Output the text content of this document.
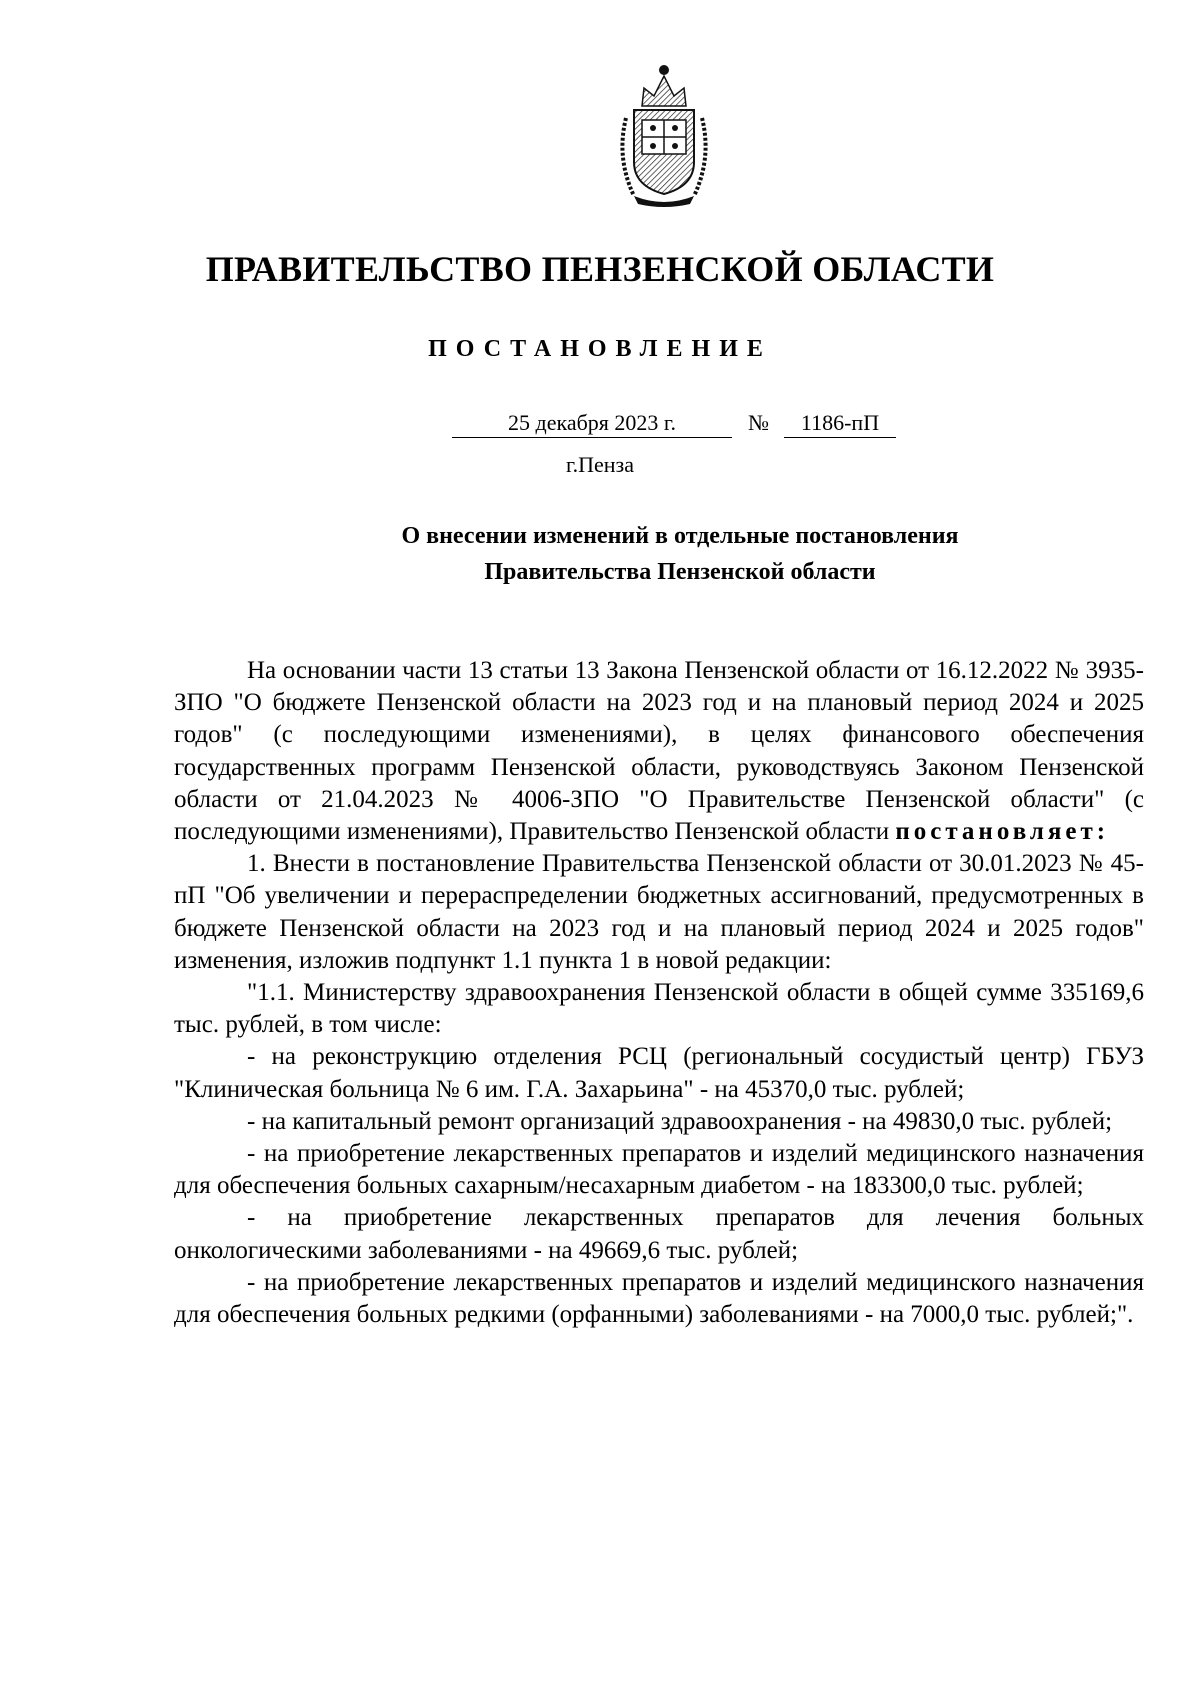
ПРАВИТЕЛЬСТВО ПЕНЗЕНСКОЙ ОБЛАСТИ
ПОСТАНОВЛЕНИЕ
25 декабря 2023 г.	№	1186-пП
г.Пенза
О внесении изменений в отдельные постановления
Правительства Пензенской области

На основании части 13 статьи 13 Закона Пензенской области от 16.12.2022 № 3935-ЗПО "О бюджете Пензенской области на 2023 год и на плановый период 2024 и 2025 годов" (с последующими изменениями), в целях финансового обеспечения государственных программ Пензенской области, руководствуясь Законом Пензенской области от 21.04.2023 № 4006-ЗПО "О Правительстве Пензенской области" (с последующими изменениями), Правительство Пензенской области постановляет:

1. Внести в постановление Правительства Пензенской области от 30.01.2023 № 45-пП "Об увеличении и перераспределении бюджетных ассигнований, предусмотренных в бюджете Пензенской области на 2023 год и на плановый период 2024 и 2025 годов" изменения, изложив подпункт 1.1 пункта 1 в новой редакции:

"1.1. Министерству здравоохранения Пензенской области в общей сумме 335169,6 тыс. рублей, в том числе:

- на реконструкцию отделения РСЦ (региональный сосудистый центр) ГБУЗ "Клиническая больница № 6 им. Г.А. Захарьина" - на 45370,0 тыс. рублей;

- на капитальный ремонт организаций здравоохранения - на 49830,0 тыс. рублей;

- на приобретение лекарственных препаратов и изделий медицинского назначения для обеспечения больных сахарным/несахарным диабетом - на 183300,0 тыс. рублей;

- на приобретение лекарственных препаратов для лечения больных онкологическими заболеваниями - на 49669,6 тыс. рублей;

- на приобретение лекарственных препаратов и изделий медицинского назначения для обеспечения больных редкими (орфанными) заболеваниями - на 7000,0 тыс. рублей;".
